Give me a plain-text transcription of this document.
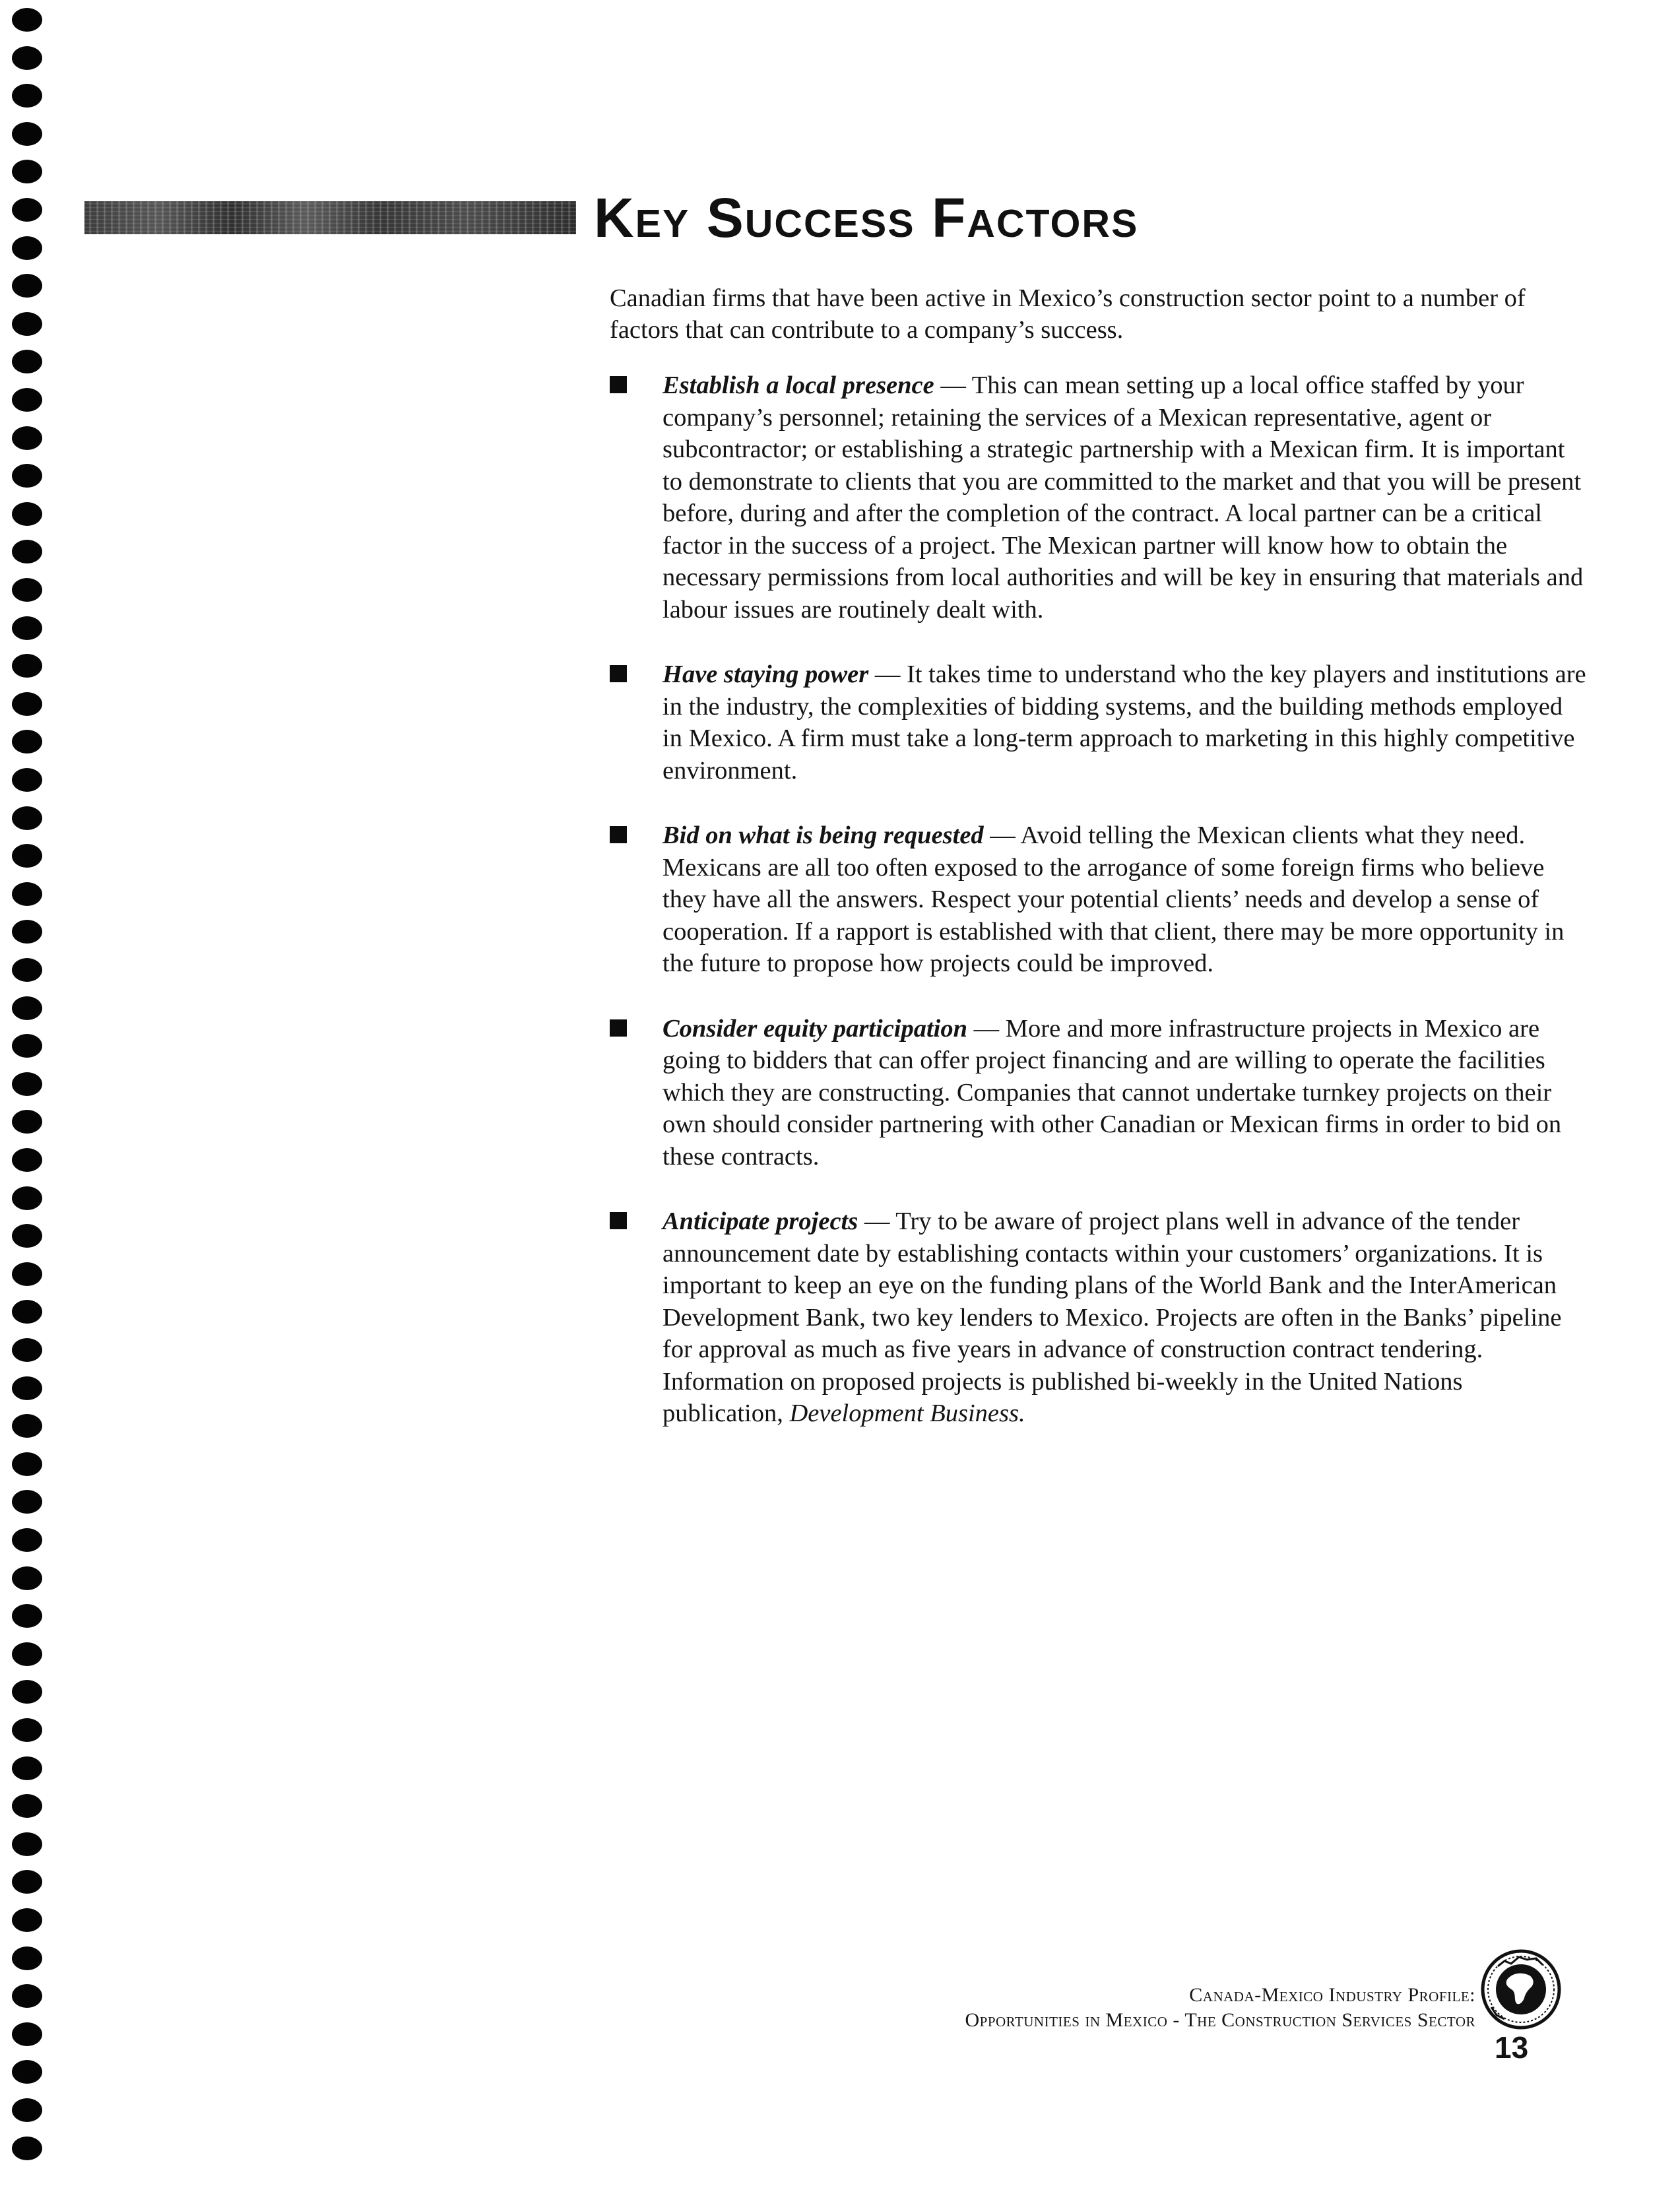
Key Success Factors

Canadian firms that have been active in Mexico’s construction sector point to a number of factors that can contribute to a company’s success.

Establish a local presence — This can mean setting up a local office staffed by your company’s personnel; retaining the services of a Mexican representative, agent or subcontractor; or establishing a strategic partnership with a Mexican firm. It is important to demonstrate to clients that you are committed to the market and that you will be present before, during and after the completion of the contract. A local partner can be a critical factor in the success of a project. The Mexican partner will know how to obtain the necessary permissions from local authorities and will be key in ensuring that materials and labour issues are routinely dealt with.

Have staying power — It takes time to understand who the key players and institutions are in the industry, the complexities of bidding systems, and the building methods employed in Mexico. A firm must take a long-term approach to marketing in this highly competitive environment.

Bid on what is being requested — Avoid telling the Mexican clients what they need. Mexicans are all too often exposed to the arrogance of some foreign firms who believe they have all the answers. Respect your potential clients’ needs and develop a sense of cooperation. If a rapport is established with that client, there may be more opportunity in the future to propose how projects could be improved.

Consider equity participation — More and more infrastructure projects in Mexico are going to bidders that can offer project financing and are willing to operate the facilities which they are constructing. Companies that cannot undertake turnkey projects on their own should consider partnering with other Canadian or Mexican firms in order to bid on these contracts.

Anticipate projects — Try to be aware of project plans well in advance of the tender announcement date by establishing contacts within your customers’ organizations. It is important to keep an eye on the funding plans of the World Bank and the InterAmerican Development Bank, two key lenders to Mexico. Projects are often in the Banks’ pipeline for approval as much as five years in advance of construction contract tendering. Information on proposed projects is published bi-weekly in the United Nations publication, Development Business.

Canada-Mexico Industry Profile:

Opportunities in Mexico - The Construction Services Sector

13
